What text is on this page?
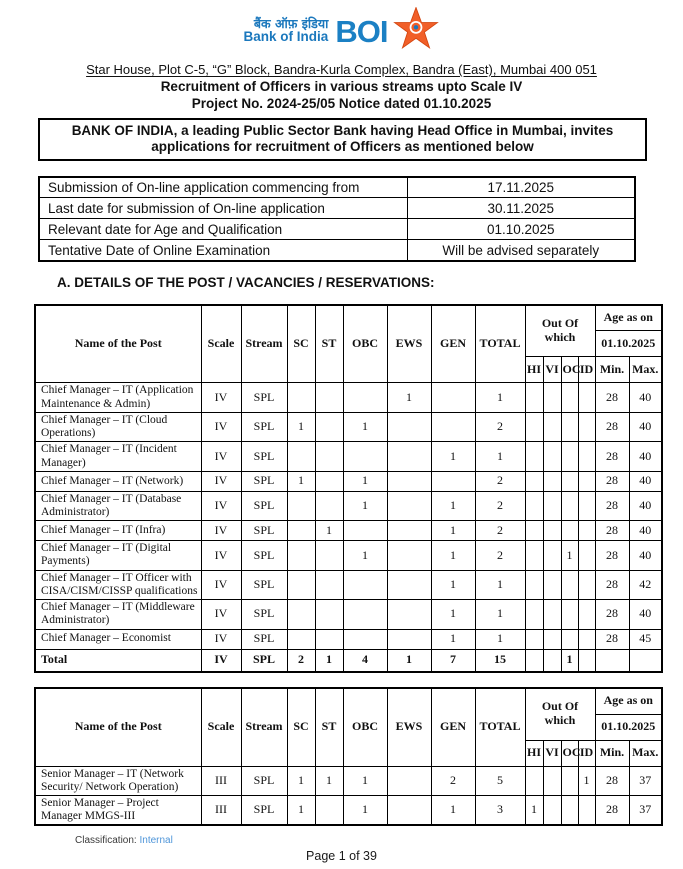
बैंक ऑफ़ इंडिया
Bank of India BOI
Star House, Plot C-5, “G” Block, Bandra-Kurla Complex, Bandra (East), Mumbai 400 051
Recruitment of Officers in various streams upto Scale IV
Project No. 2024-25/05 Notice dated 01.10.2025
BANK OF INDIA, a leading Public Sector Bank having Head Office in Mumbai, invites applications for recruitment of Officers as mentioned below
Submission of On-line application commencing from	17.11.2025
Last date for submission of On-line application	30.11.2025
Relevant date for Age and Qualification	01.10.2025
Tentative Date of Online Examination	Will be advised separately
A. DETAILS OF THE POST / VACANCIES / RESERVATIONS:
Name of the Post	Scale	Stream	SC	ST	OBC	EWS	GEN	TOTAL	Out Of which				Age as on	
													01.10.2025	
									HI	VI	OC	ID	Min.	Max.
Chief Manager – IT (Application Maintenance & Admin)	IV	SPL				1		1					28	40
Chief Manager – IT (Cloud Operations)	IV	SPL	1		1			2					28	40
Chief Manager – IT (Incident Manager)	IV	SPL					1	1					28	40
Chief Manager – IT (Network)	IV	SPL	1		1			2					28	40
Chief Manager – IT (Database Administrator)	IV	SPL			1		1	2					28	40
Chief Manager – IT (Infra)	IV	SPL		1			1	2					28	40
Chief Manager – IT (Digital Payments)	IV	SPL			1		1	2			1		28	40
Chief Manager – IT Officer with CISA/CISM/CISSP qualifications	IV	SPL					1	1					28	42
Chief Manager – IT (Middleware Administrator)	IV	SPL					1	1					28	40
Chief Manager – Economist	IV	SPL					1	1					28	45
Total	IV	SPL	2	1	4	1	7	15			1			
Name of the Post	Scale	Stream	SC	ST	OBC	EWS	GEN	TOTAL	Out Of which				Age as on	
													01.10.2025	
									HI	VI	OC	ID	Min.	Max.
Senior Manager – IT (Network Security/ Network Operation)	III	SPL	1	1	1		2	5				1	28	37
Senior Manager – Project Manager MMGS-III	III	SPL	1		1		1	3	1				28	37
Classification: Internal
Page 1 of 39
